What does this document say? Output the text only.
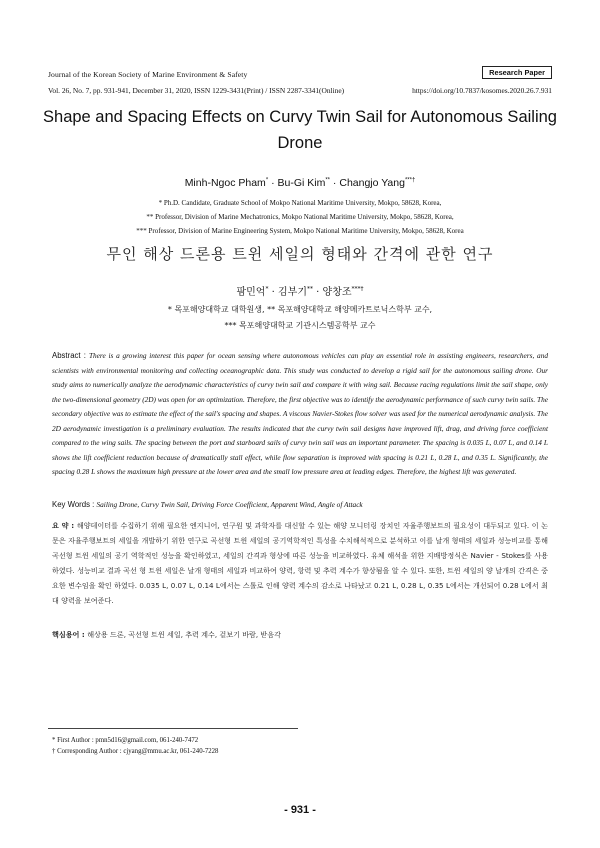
Journal of the Korean Society of Marine Environment & Safety	Research Paper
Vol. 26, No. 7, pp. 931-941, December 31, 2020, ISSN 1229-3431(Print) / ISSN 2287-3341(Online)	https://doi.org/10.7837/kosomes.2020.26.7.931
Shape and Spacing Effects on Curvy Twin Sail for Autonomous Sailing Drone
Minh-Ngoc Pham* · Bu-Gi Kim** · Changjo Yang***†
* Ph.D. Candidate, Graduate School of Mokpo National Maritime University, Mokpo, 58628, Korea,
** Professor, Division of Marine Mechatronics, Mokpo National Maritime University, Mokpo, 58628, Korea,
*** Professor, Division of Marine Engineering System, Mokpo National Maritime University, Mokpo, 58628, Korea
무인 해상 드론용 트윈 세일의 형태와 간격에 관한 연구
팜민억* · 김부기** · 양창조***†
* 목포해양대학교 대학원생, ** 목포해양대학교 해양메카트로닉스학부 교수,
*** 목포해양대학교 기관시스템공학부 교수
Abstract : There is a growing interest this paper for ocean sensing where autonomous vehicles can play an essential role in assisting engineers, researchers, and scientists with environmental monitoring and collecting oceanographic data. This study was conducted to develop a rigid sail for the autonomous sailing drone. Our study aims to numerically analyze the aerodynamic characteristics of curvy twin sail and compare it with wing sail. Because racing regulations limit the sail shape, only the two-dimensional geometry (2D) was open for an optimization. Therefore, the first objective was to identify the aerodynamic performance of such curvy twin sails. The secondary objective was to estimate the effect of the sail's spacing and shapes. A viscous Navier-Stokes flow solver was used for the numerical aerodynamic analysis. The 2D aerodynamic investigation is a preliminary evaluation. The results indicated that the curvy twin sail designs have improved lift, drag, and driving force coefficient compared to the wing sails. The spacing between the port and starboard sails of curvy twin sail was an important parameter. The spacing is 0.035 L, 0.07 L, and 0.14 L shows the lift coefficient reduction because of dramatically stall effect, while flow separation is improved with spacing is 0.21 L, 0.28 L, and 0.35 L. Significantly, the spacing 0.28 L shows the maximum high pressure at the lower area and the small low pressure area at leading edges. Therefore, the highest lift was generated.
Key Words : Sailing Drone, Curvy Twin Sail, Driving Force Coefficient, Apparent Wind, Angle of Attack
요 약 : 해양데이터를 수집하기 위해 필요한 엔지니어, 연구원 및 과학자를 대신할 수 있는 해양 모니터링 장치인 자율주행보트의 필요성이 대두되고 있다. 이 논문은 자율주행보트의 세일을 개발하기 위한 연구로 곡선형 트윈 세일의 공기역학적인 특성을 수치해석적으로 분석하고 이를 날개 형태의 세일과 성능비교를 통해 곡선형 트윈 세일의 공기 역학적인 성능을 확인하였고, 세일의 간격과 형상에 따른 성능을 비교하였다. 유체 해석을 위한 지배방정식은 Navier - Stokes를 사용하였다. 성능비교 결과 곡선 형 트윈 세일은 날개 형태의 세일과 비교하여 양력, 항력 및 추력 계수가 향상됨을 알 수 있다. 또한, 트윈 세일의 양 날개의 간격은 중요한 변수임을 확인 하였다. 0.035 L, 0.07 L, 0.14 L에서는 스톨로 인해 양력 계수의 감소로 나타났고 0.21 L, 0.28 L, 0.35 L에서는 개선되어 0.28 L에서 최대 양력을 보여준다.
핵심용어 : 해상용 드론, 곡선형 트윈 세일, 추력 계수, 겉보기 바람, 받음각
* First Author : pmn5d16@gmail.com, 061-240-7472
† Corresponding Author : cjyang@mmu.ac.kr, 061-240-7228
- 931 -
